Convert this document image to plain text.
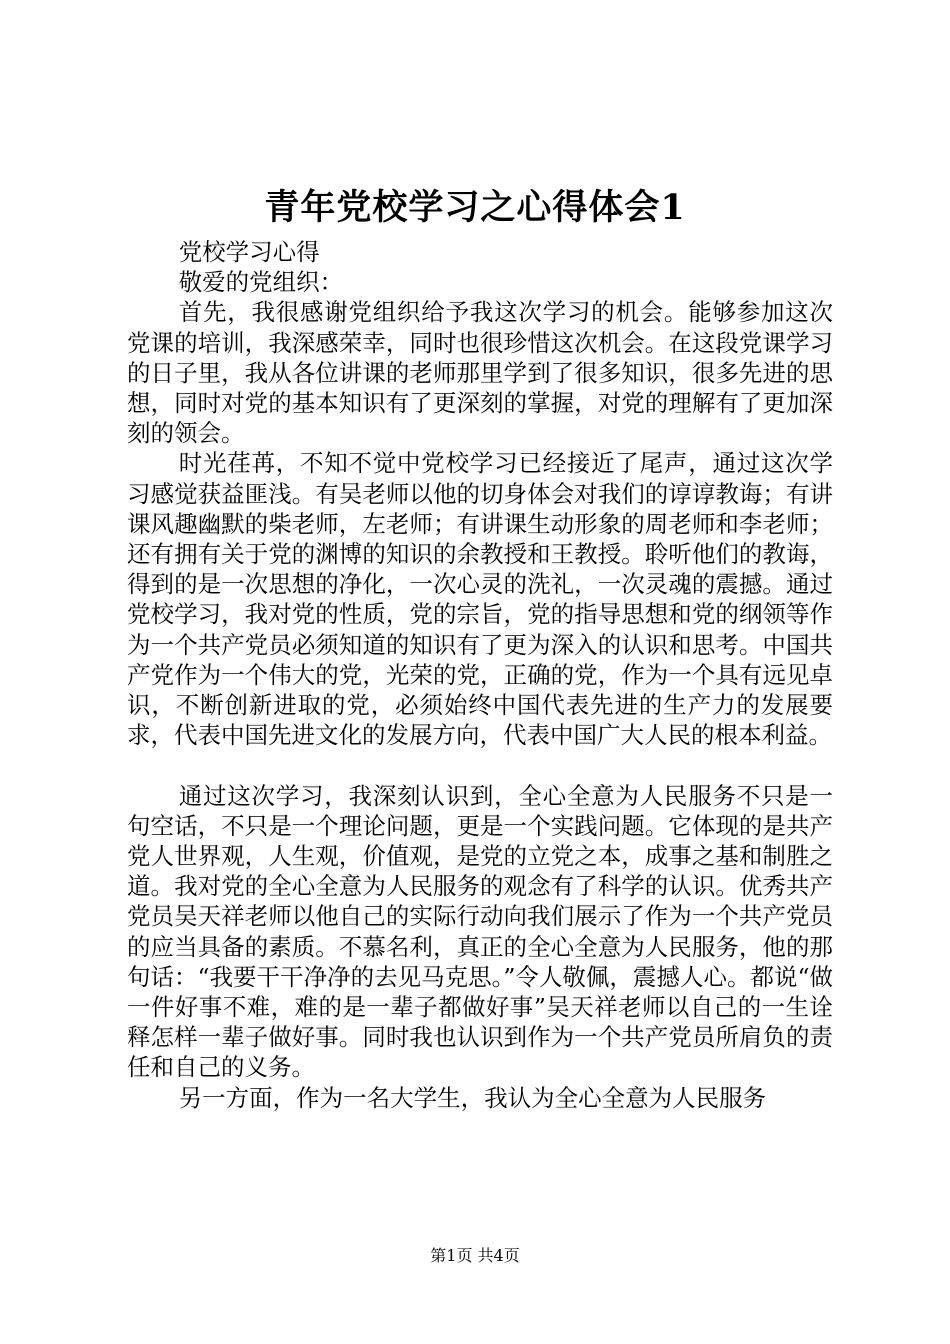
青年党校学习之心得体会1

党校学习心得

敬爱的党组织：

首先，我很感谢党组织给予我这次学习的机会。能够参加这次党课的培训，我深感荣幸，同时也很珍惜这次机会。在这段党课学习的日子里，我从各位讲课的老师那里学到了很多知识，很多先进的思想，同时对党的基本知识有了更深刻的掌握，对党的理解有了更加深刻的领会。

时光荏苒，不知不觉中党校学习已经接近了尾声，通过这次学习感觉获益匪浅。有吴老师以他的切身体会对我们的谆谆教诲；有讲课风趣幽默的柴老师，左老师；有讲课生动形象的周老师和李老师；还有拥有关于党的渊博的知识的余教授和王教授。聆听他们的教诲，得到的是一次思想的净化，一次心灵的洗礼，一次灵魂的震撼。通过党校学习，我对党的性质，党的宗旨，党的指导思想和党的纲领等作为一个共产党员必须知道的知识有了更为深入的认识和思考。中国共产党作为一个伟大的党，光荣的党，正确的党，作为一个具有远见卓识，不断创新进取的党，必须始终中国代表先进的生产力的发展要求，代表中国先进文化的发展方向，代表中国广大人民的根本利益。

通过这次学习，我深刻认识到，全心全意为人民服务不只是一句空话，不只是一个理论问题，更是一个实践问题。它体现的是共产党人世界观，人生观，价值观，是党的立党之本，成事之基和制胜之道。我对党的全心全意为人民服务的观念有了科学的认识。优秀共产党员吴天祥老师以他自己的实际行动向我们展示了作为一个共产党员的应当具备的素质。不慕名利，真正的全心全意为人民服务，他的那句话：“我要干干净净的去见马克思。”令人敬佩，震撼人心。都说“做一件好事不难，难的是一辈子都做好事”吴天祥老师以自己的一生诠释怎样一辈子做好事。同时我也认识到作为一个共产党员所肩负的责任和自己的义务。

另一方面，作为一名大学生，我认为全心全意为人民服务

第1页 共4页
